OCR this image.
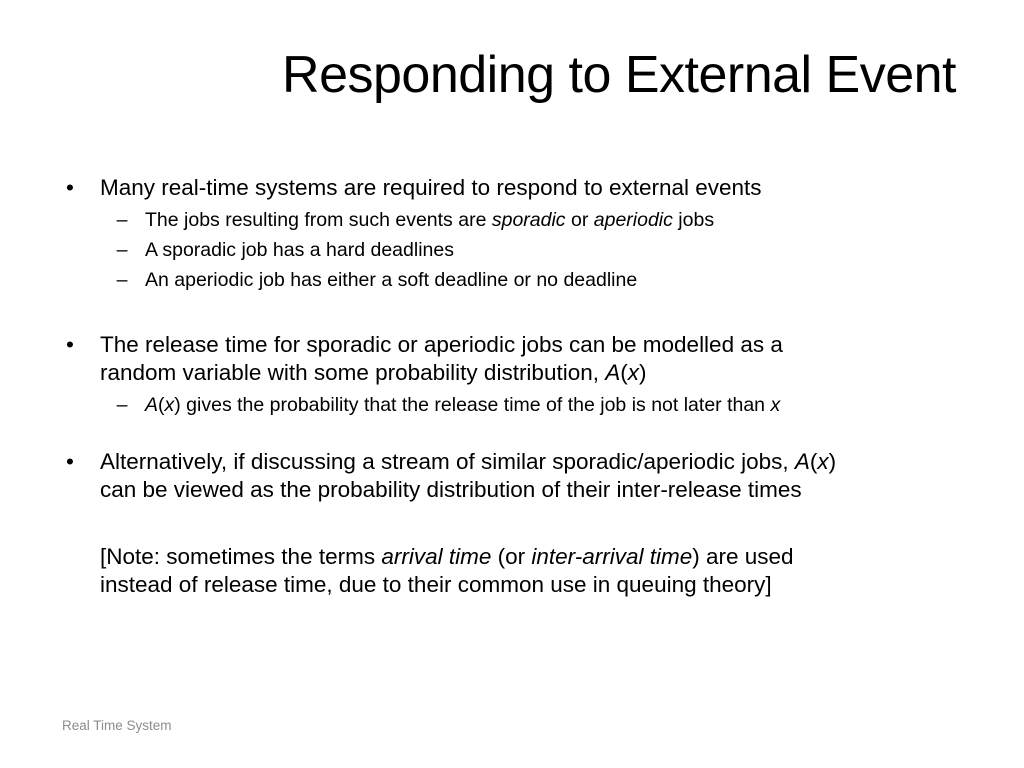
Responding to External Event
• Many real-time systems are required to respond to external events
– The jobs resulting from such events are sporadic or aperiodic jobs
– A sporadic job has a hard deadlines
– An aperiodic job has either a soft deadline or no deadline
• The release time for sporadic or aperiodic jobs can be modelled as a
random variable with some probability distribution, A(x)
– A(x) gives the probability that the release time of the job is not later than x
• Alternatively, if discussing a stream of similar sporadic/aperiodic jobs, A(x)
can be viewed as the probability distribution of their inter-release times
[Note: sometimes the terms arrival time (or inter-arrival time) are used
instead of release time, due to their common use in queuing theory]
Real Time System
